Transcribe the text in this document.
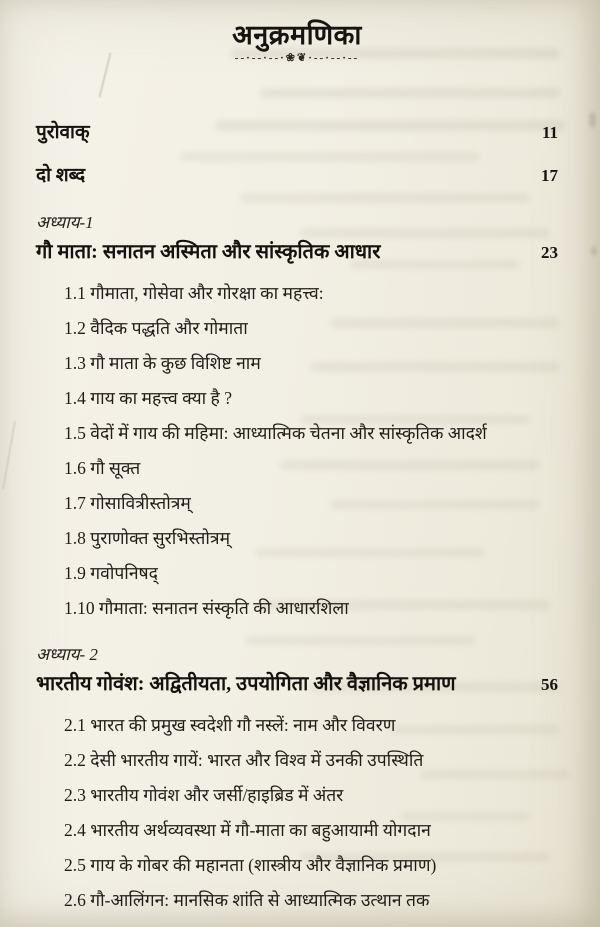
अनुक्रमणिका
--·--·--·❀❦·--·--·--
पुरोवाक्	11
दो शब्द	17
अध्याय-1
गौ माता: सनातन अस्मिता और सांस्कृतिक आधार	23
1.1 गौमाता, गोसेवा और गोरक्षा का महत्त्व:
1.2 वैदिक पद्धति और गोमाता
1.3 गौ माता के कुछ विशिष्ट नाम
1.4 गाय का महत्त्व क्या है ?
1.5 वेदों में गाय की महिमा: आध्यात्मिक चेतना और सांस्कृतिक आदर्श
1.6 गौ सूक्त
1.7 गोसावित्रीस्तोत्रम्
1.8 पुराणोक्त सुरभिस्तोत्रम्
1.9 गवोपनिषद्
1.10 गौमाता: सनातन संस्कृति की आधारशिला
अध्याय- 2
भारतीय गोवंश: अद्वितीयता, उपयोगिता और वैज्ञानिक प्रमाण	56
2.1 भारत की प्रमुख स्वदेशी गौ नस्लें: नाम और विवरण
2.2 देसी भारतीय गायें: भारत और विश्व में उनकी उपस्थिति
2.3 भारतीय गोवंश और जर्सी/हाइब्रिड में अंतर
2.4 भारतीय अर्थव्यवस्था में गौ-माता का बहुआयामी योगदान
2.5 गाय के गोबर की महानता (शास्त्रीय और वैज्ञानिक प्रमाण)
2.6 गौ-आलिंगन: मानसिक शांति से आध्यात्मिक उत्थान तक
